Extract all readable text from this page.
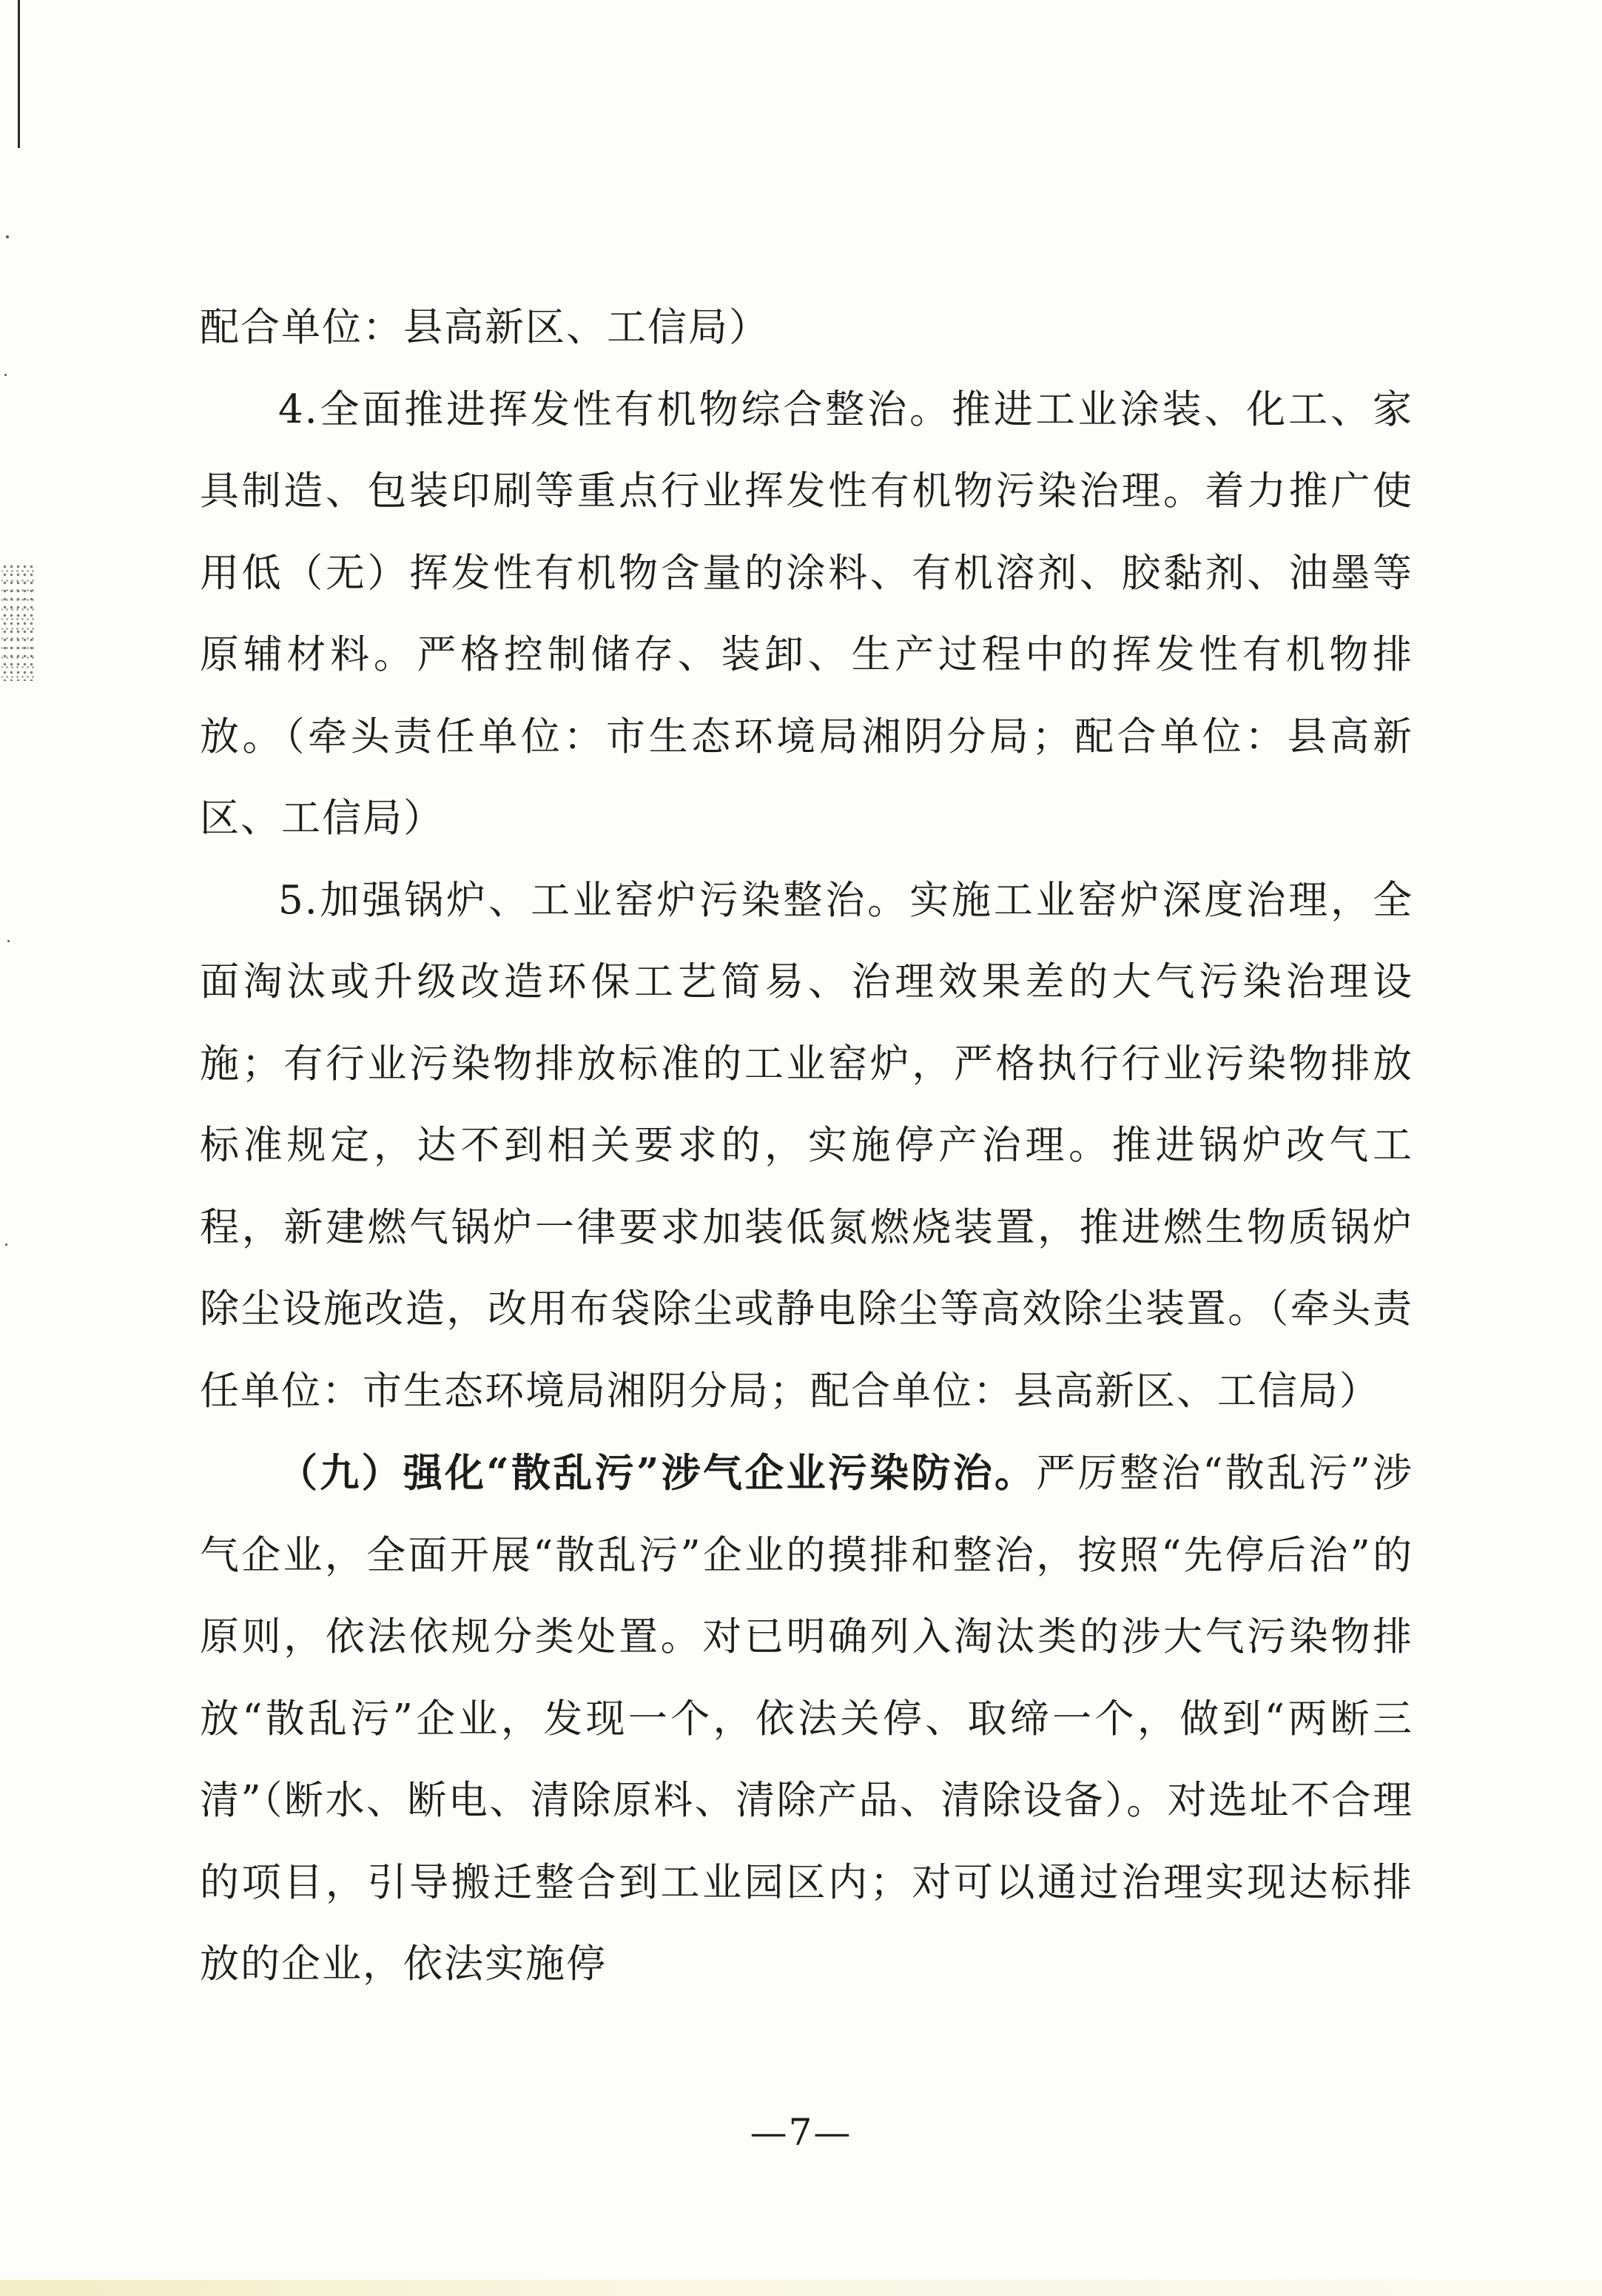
配合单位：县高新区、工信局）

4.全面推进挥发性有机物综合整治。推进工业涂装、化工、家具制造、包装印刷等重点行业挥发性有机物污染治理。着力推广使用低（无）挥发性有机物含量的涂料、有机溶剂、胶黏剂、油墨等原辅材料。严格控制储存、装卸、生产过程中的挥发性有机物排放。（牵头责任单位：市生态环境局湘阴分局；配合单位：县高新区、工信局）

5.加强锅炉、工业窑炉污染整治。实施工业窑炉深度治理，全面淘汰或升级改造环保工艺简易、治理效果差的大气污染治理设施；有行业污染物排放标准的工业窑炉，严格执行行业污染物排放标准规定，达不到相关要求的，实施停产治理。推进锅炉改气工程，新建燃气锅炉一律要求加装低氮燃烧装置，推进燃生物质锅炉除尘设施改造，改用布袋除尘或静电除尘等高效除尘装置。（牵头责任单位：市生态环境局湘阴分局；配合单位：县高新区、工信局）

（九）强化“散乱污”涉气企业污染防治。严厉整治“散乱污”涉气企业，全面开展“散乱污”企业的摸排和整治，按照“先停后治”的原则，依法依规分类处置。对已明确列入淘汰类的涉大气污染物排放“散乱污”企业，发现一个，依法关停、取缔一个，做到“两断三清”（断水、断电、清除原料、清除产品、清除设备）。对选址不合理的项目，引导搬迁整合到工业园区内；对可以通过治理实现达标排放的企业，依法实施停

—7—
